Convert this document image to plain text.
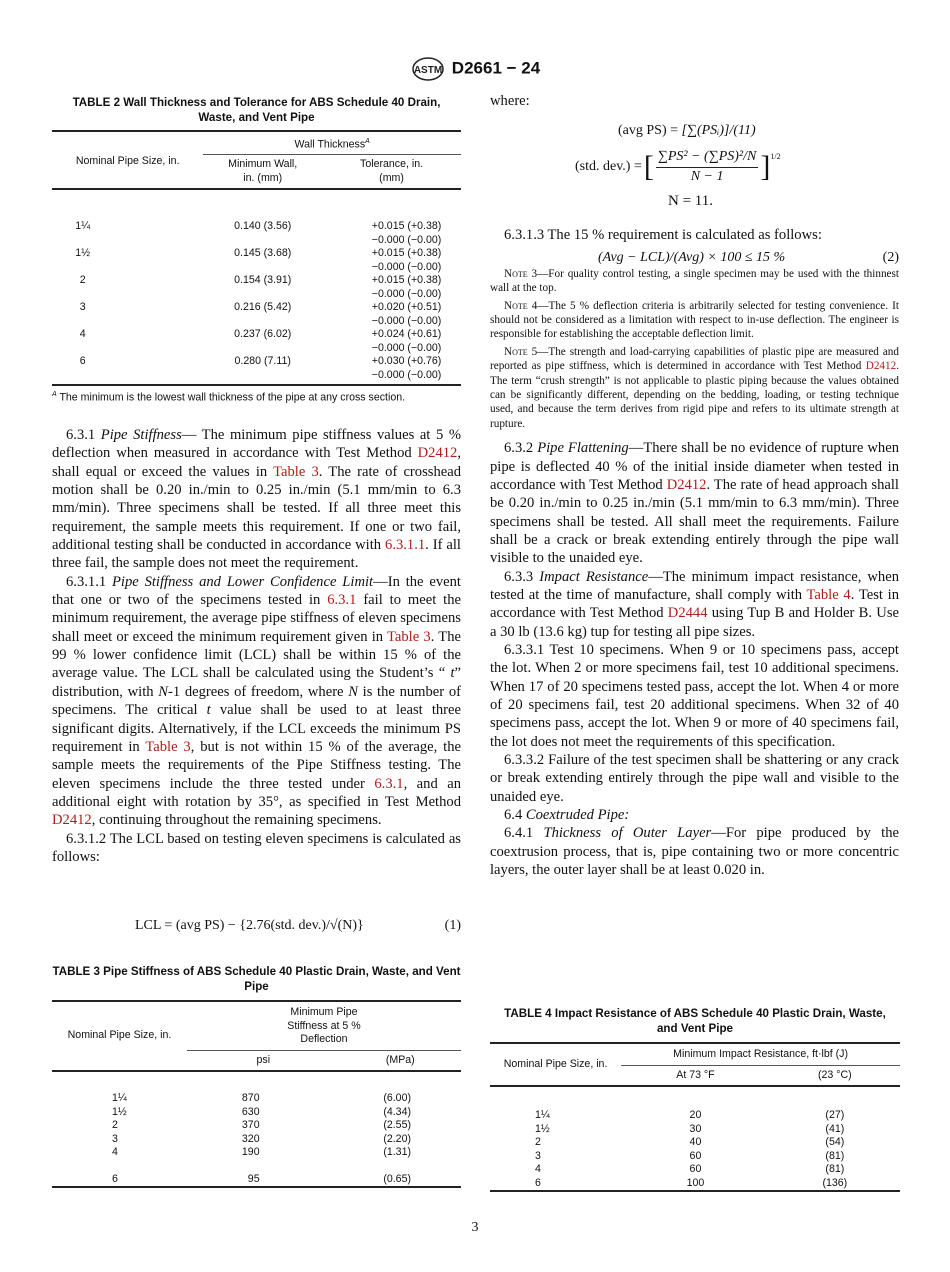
ASTM D2661 − 24
TABLE 2 Wall Thickness and Tolerance for ABS Schedule 40 Drain, Waste, and Vent Pipe
Nominal Pipe Size, in.	Wall Thickness$^A$
	Minimum Wall, in. (mm)	Tolerance, in. (mm)

1¼	0.140 (3.56)	+0.015 (+0.38)
−0.000 (−0.00)

1½	0.145 (3.68)	+0.015 (+0.38)
−0.000 (−0.00)

2	0.154 (3.91)	+0.015 (+0.38)
−0.000 (−0.00)

3	0.216 (5.42)	+0.020 (+0.51)
−0.000 (−0.00)

4	0.237 (6.02)	+0.024 (+0.61)
−0.000 (−0.00)

6	0.280 (7.11)	+0.030 (+0.76)
−0.000 (−0.00)
$^A$ The minimum is the lowest wall thickness of the pipe at any cross section.

6.3.1 Pipe Stiffness— The minimum pipe stiffness values at 5 % deflection when measured in accordance with Test Method D2412, shall equal or exceed the values in Table 3. The rate of crosshead motion shall be 0.20 in./min to 0.25 in./min (5.1 mm/min to 6.3 mm/min). Three specimens shall be tested. If all three meet this requirement, the sample meets this requirement. If one or two fail, additional testing shall be conducted in accordance with 6.3.1.1. If all three fail, the sample does not meet the requirement.

6.3.1.1 Pipe Stiffness and Lower Confidence Limit—In the event that one or two of the specimens tested in 6.3.1 fail to meet the minimum requirement, the average pipe stiffness of eleven specimens shall meet or exceed the minimum requirement given in Table 3. The 99 % lower confidence limit (LCL) shall be within 15 % of the average value. The LCL shall be calculated using the Student’s “ t” distribution, with N-1 degrees of freedom, where N is the number of specimens. The critical t value shall be used to at least three significant digits. Alternatively, if the LCL exceeds the minimum PS requirement in Table 3, but is not within 15 % of the average, the sample meets the requirements of the Pipe Stiffness testing. The eleven specimens include the three tested under 6.3.1, and an additional eight with rotation by 35°, as specified in Test Method D2412, continuing throughout the remaining specimens.

6.3.1.2 The LCL based on testing eleven specimens is calculated as follows:

LCL = (avg PS) − {2.76(std. dev.)/√(N)}	(1)
TABLE 3 Pipe Stiffness of ABS Schedule 40 Plastic Drain, Waste, and Vent Pipe
Nominal Pipe Size, in.	Minimum Pipe Stiffness at 5 % Deflection	
	psi	(MPa)

1¼	870	(6.00)
1½	630	(4.34)
2	370	(2.55)
3	320	(2.20)
4	190	(1.31)
6	95	(0.65)
where:
(avg PS) = [∑(PSᵢ)]/(11)
(std. dev.) = [ ∑PS² − (∑PS)²/N
N − 1	]$^{1/2}$
N = 11.

6.3.1.3 The 15 % requirement is calculated as follows:

(Avg − LCL)/(Avg) × 100 ≤ 15 %	(2)

Note 3—For quality control testing, a single specimen may be used with the thinnest wall at the top.

Note 4—The 5 % deflection criteria is arbitrarily selected for testing convenience. It should not be considered as a limitation with respect to in-use deflection. The engineer is responsible for establishing the acceptable deflection limit.

Note 5—The strength and load-carrying capabilities of plastic pipe are measured and reported as pipe stiffness, which is determined in accordance with Test Method D2412. The term “crush strength” is not applicable to plastic piping because the values obtained can be significantly different, depending on the bedding, loading, or testing technique used, and because the term derives from rigid pipe and refers to its ultimate strength at rupture.

6.3.2 Pipe Flattening—There shall be no evidence of rupture when pipe is deflected 40 % of the initial inside diameter when tested in accordance with Test Method D2412. The rate of head approach shall be 0.20 in./min to 0.25 in./min (5.1 mm/min to 6.3 mm/min). Three specimens shall be tested. All shall meet the requirements. Failure shall be a crack or break extending entirely through the pipe wall visible to the unaided eye.

6.3.3 Impact Resistance—The minimum impact resistance, when tested at the time of manufacture, shall comply with Table 4. Test in accordance with Test Method D2444 using Tup B and Holder B. Use a 30 lb (13.6 kg) tup for testing all pipe sizes.

6.3.3.1 Test 10 specimens. When 9 or 10 specimens pass, accept the lot. When 2 or more specimens fail, test 10 additional specimens. When 17 of 20 specimens tested pass, accept the lot. When 4 or more of 20 specimens fail, test 20 additional specimens. When 32 of 40 specimens pass, accept the lot. When 9 or more of 40 specimens fail, the lot does not meet the requirements of this specification.

6.3.3.2 Failure of the test specimen shall be shattering or any crack or break extending entirely through the pipe wall and visible to the unaided eye.

6.4 Coextruded Pipe:

6.4.1 Thickness of Outer Layer—For pipe produced by the coextrusion process, that is, pipe containing two or more concentric layers, the outer layer shall be at least 0.020 in.

TABLE 4 Impact Resistance of ABS Schedule 40 Plastic Drain, Waste, and Vent Pipe
Nominal Pipe Size, in.	Minimum Impact Resistance, ft·lbf (J)	
	At 73 °F	(23 °C)

1¼	20	(27)
1½	30	(41)
2	40	(54)
3	60	(81)
4	60	(81)
6	100	(136)
3
